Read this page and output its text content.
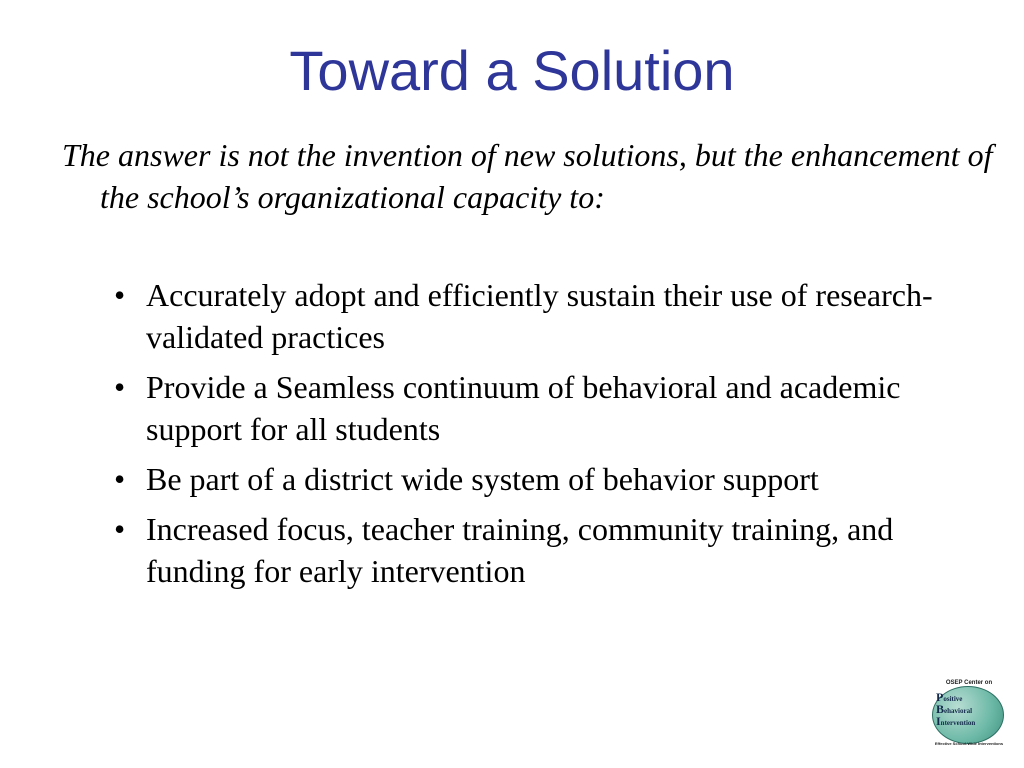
Toward a Solution

The answer is not the invention of new solutions, but the enhancement of the school’s organizational capacity to:

• Accurately adopt and efficiently sustain their use of research-validated practices
• Provide a Seamless continuum of behavioral and academic support for all students
• Be part of a district wide system of behavior support
• Increased focus, teacher training, community training, and funding for early intervention
OSEP Center on
Positive
Behavioral
Intervention
Effective School-Wide Interventions
